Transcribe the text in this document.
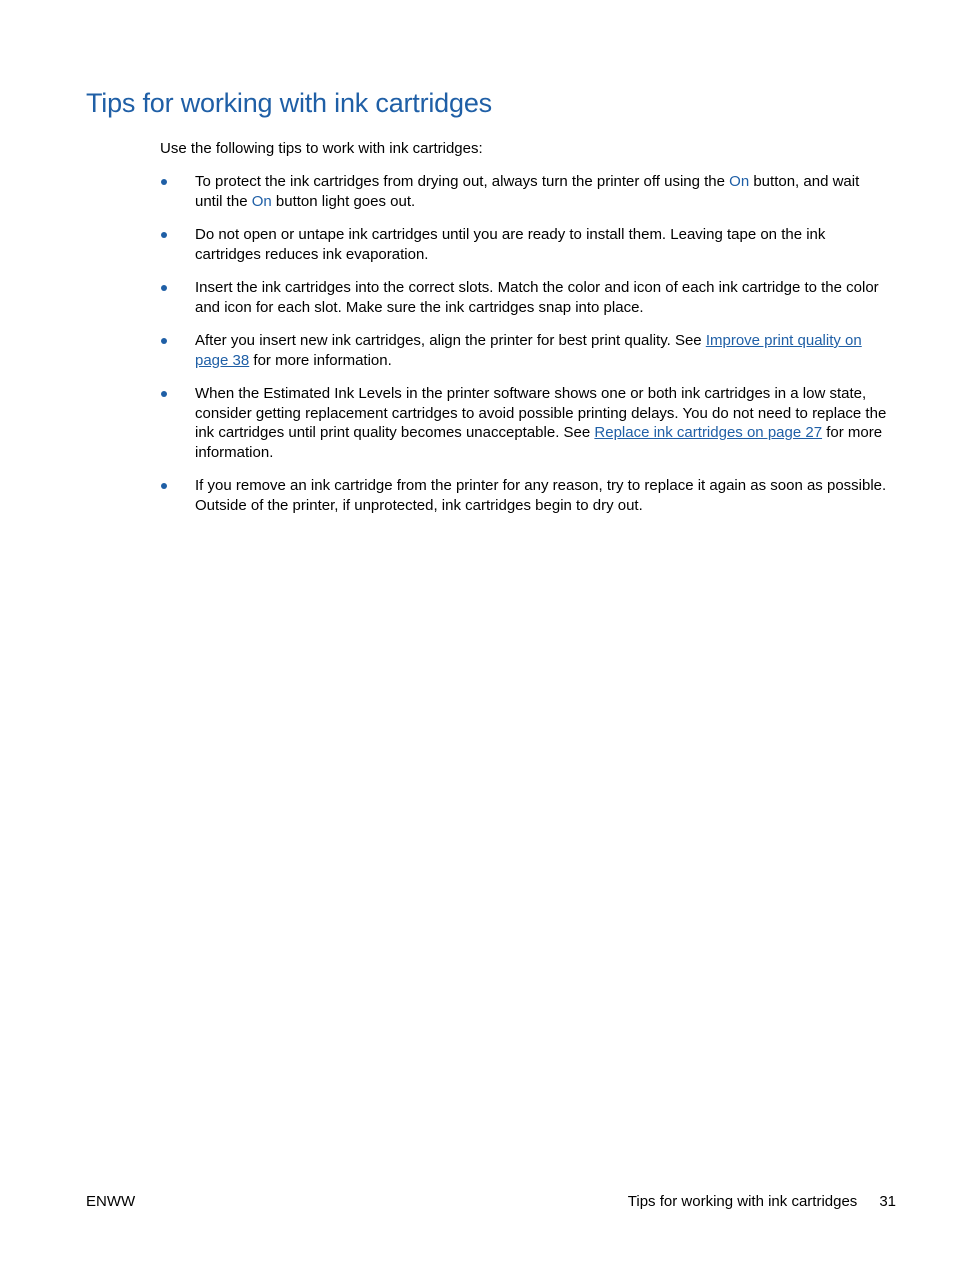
Tips for working with ink cartridges

Use the following tips to work with ink cartridges:

To protect the ink cartridges from drying out, always turn the printer off using the On button, and wait until the On button light goes out.
Do not open or untape ink cartridges until you are ready to install them. Leaving tape on the ink cartridges reduces ink evaporation.
Insert the ink cartridges into the correct slots. Match the color and icon of each ink cartridge to the color and icon for each slot. Make sure the ink cartridges snap into place.
After you insert new ink cartridges, align the printer for best print quality. See Improve print quality on page 38 for more information.
When the Estimated Ink Levels in the printer software shows one or both ink cartridges in a low state, consider getting replacement cartridges to avoid possible printing delays. You do not need to replace the ink cartridges until print quality becomes unacceptable. See Replace ink cartridges on page 27 for more information.
If you remove an ink cartridge from the printer for any reason, try to replace it again as soon as possible. Outside of the printer, if unprotected, ink cartridges begin to dry out.
ENWW	Tips for working with ink cartridges 31
